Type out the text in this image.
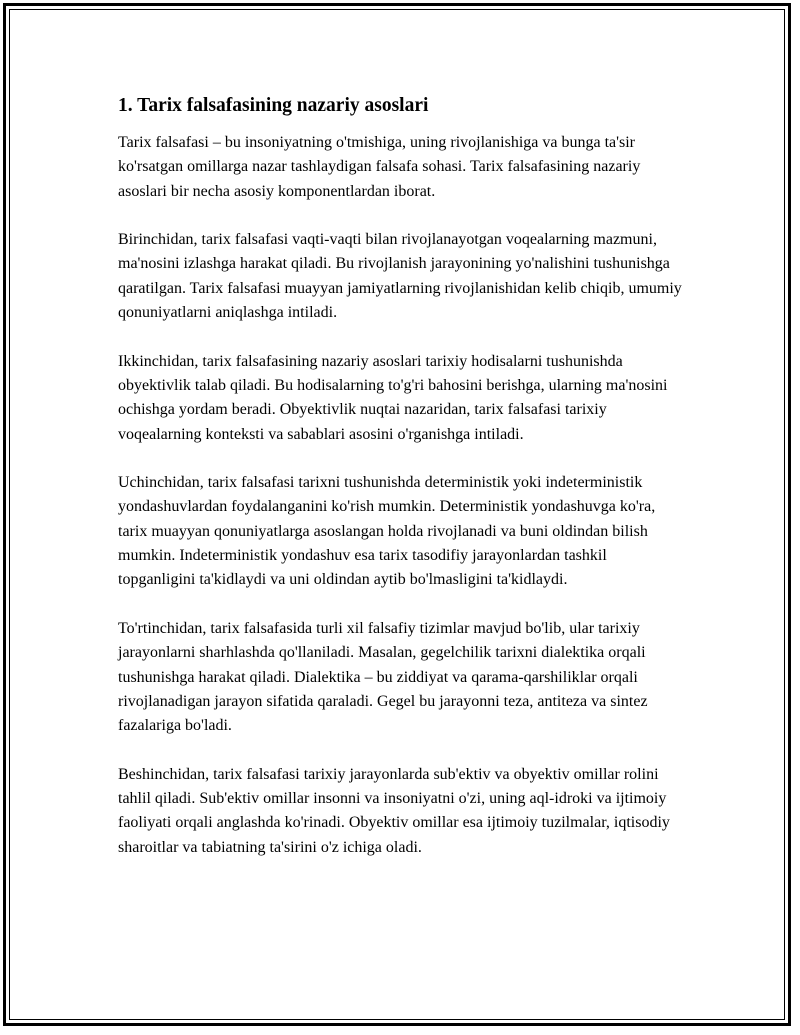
1. Tarix falsafasining nazariy asoslari

Tarix falsafasi – bu insoniyatning o'tmishiga, uning rivojlanishiga va bunga ta'sir ko'rsatgan omillarga nazar tashlaydigan falsafa sohasi. Tarix falsafasining nazariy asoslari bir necha asosiy komponentlardan iborat.

Birinchidan, tarix falsafasi vaqti-vaqti bilan rivojlanayotgan voqealarning mazmuni, ma'nosini izlashga harakat qiladi. Bu rivojlanish jarayonining yo'nalishini tushunishga qaratilgan. Tarix falsafasi muayyan jamiyatlarning rivojlanishidan kelib chiqib, umumiy qonuniyatlarni aniqlashga intiladi.

Ikkinchidan, tarix falsafasining nazariy asoslari tarixiy hodisalarni tushunishda obyektivlik talab qiladi. Bu hodisalarning to'g'ri bahosini berishga, ularning ma'nosini ochishga yordam beradi. Obyektivlik nuqtai nazaridan, tarix falsafasi tarixiy voqealarning konteksti va sabablari asosini o'rganishga intiladi.

Uchinchidan, tarix falsafasi tarixni tushunishda deterministik yoki indeterministik yondashuvlardan foydalanganini ko'rish mumkin. Deterministik yondashuvga ko'ra, tarix muayyan qonuniyatlarga asoslangan holda rivojlanadi va buni oldindan bilish mumkin. Indeterministik yondashuv esa tarix tasodifiy jarayonlardan tashkil topganligini ta'kidlaydi va uni oldindan aytib bo'lmasligini ta'kidlaydi.

To'rtinchidan, tarix falsafasida turli xil falsafiy tizimlar mavjud bo'lib, ular tarixiy jarayonlarni sharhlashda qo'llaniladi. Masalan, gegelchilik tarixni dialektika orqali tushunishga harakat qiladi. Dialektika – bu ziddiyat va qarama-qarshiliklar orqali rivojlanadigan jarayon sifatida qaraladi. Gegel bu jarayonni teza, antiteza va sintez fazalariga bo'ladi.

Beshinchidan, tarix falsafasi tarixiy jarayonlarda sub'ektiv va obyektiv omillar rolini tahlil qiladi. Sub'ektiv omillar insonni va insoniyatni o'zi, uning aql-idroki va ijtimoiy faoliyati orqali anglashda ko'rinadi. Obyektiv omillar esa ijtimoiy tuzilmalar, iqtisodiy sharoitlar va tabiatning ta'sirini o'z ichiga oladi.
